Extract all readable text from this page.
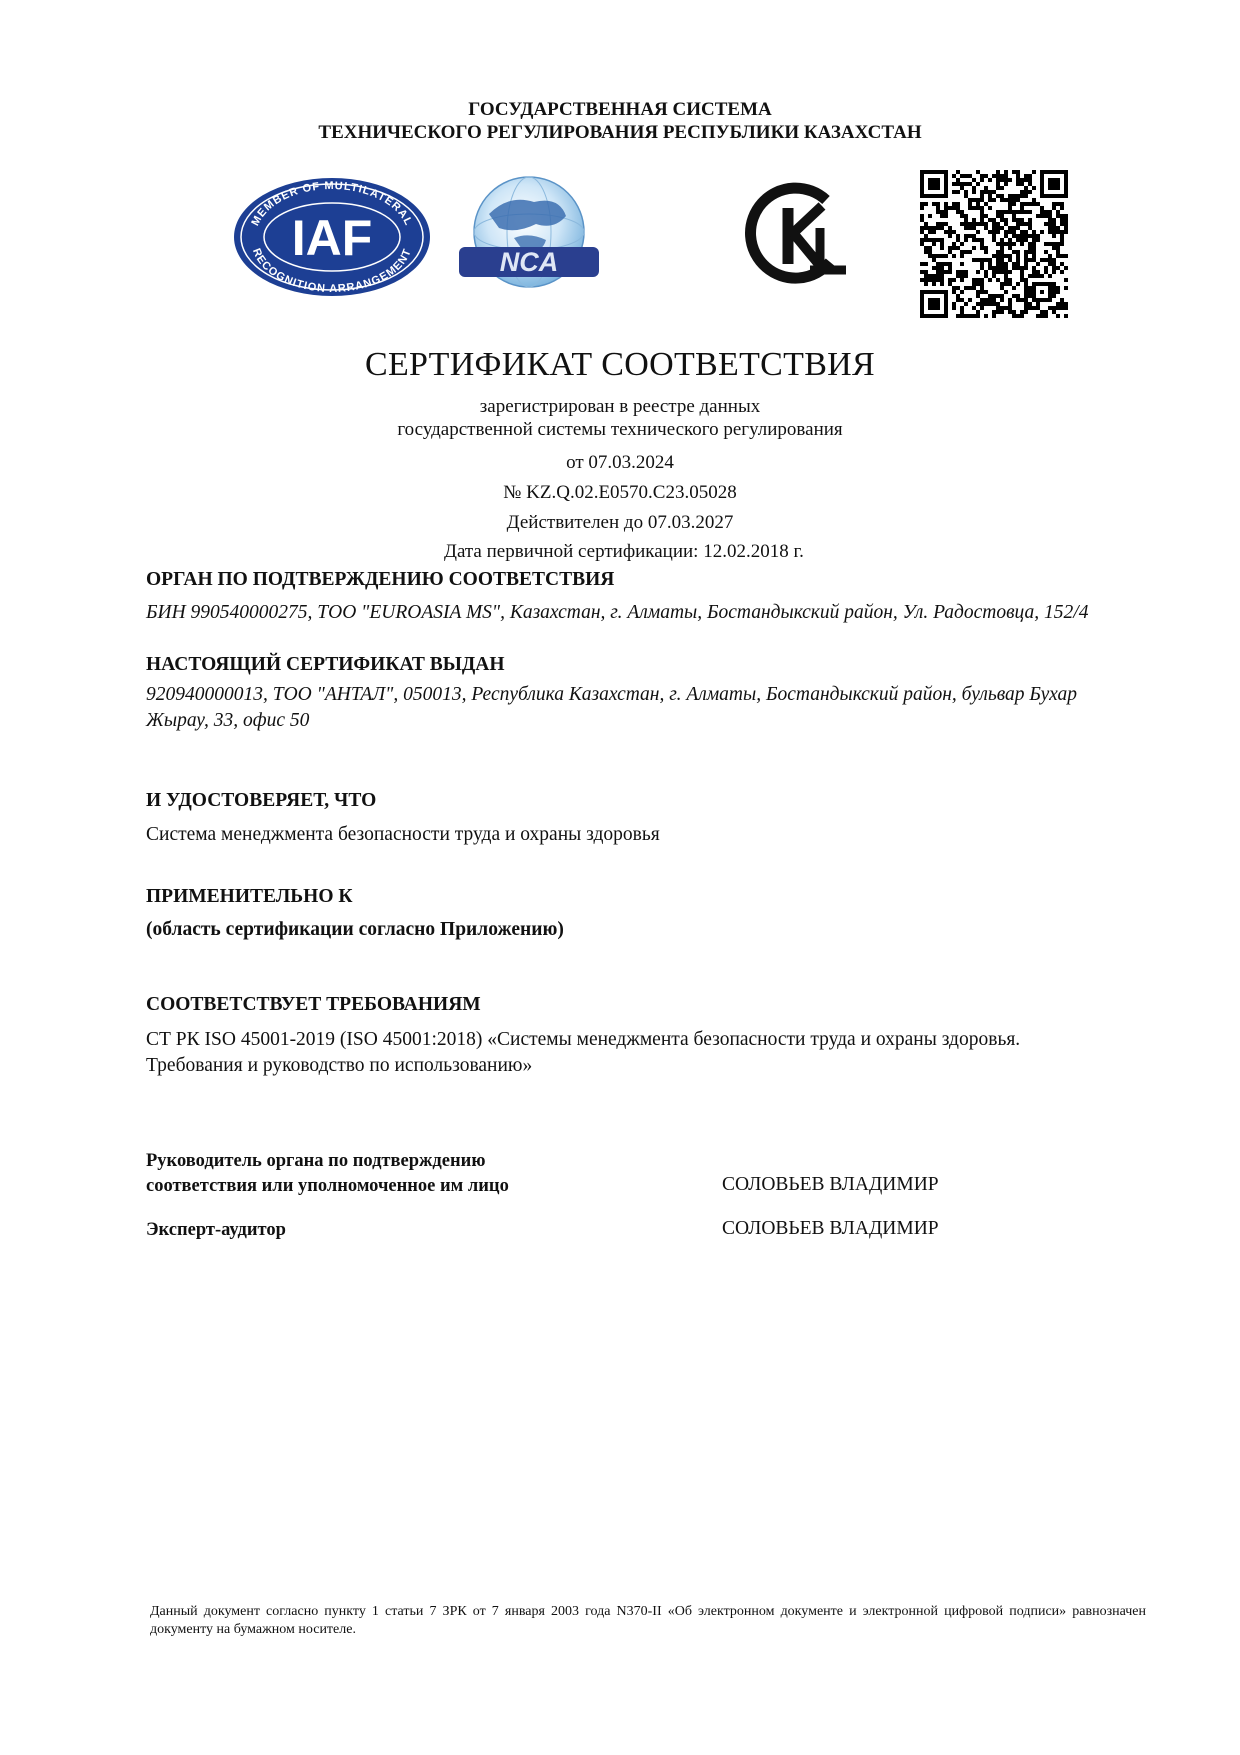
ГОСУДАРСТВЕННАЯ СИСТЕМА
ТЕХНИЧЕСКОГО РЕГУЛИРОВАНИЯ РЕСПУБЛИКИ КАЗАХСТАН
MEMBER OF MULTILATERAL
RECOGNITION ARRANGEMENT
IAF	NCA
СЕРТИФИКАТ СООТВЕТСТВИЯ
зарегистрирован в реестре данных
государственной системы технического регулирования
от 07.03.2024
№ KZ.Q.02.E0570.C23.05028
Действителен до 07.03.2027
Дата первичной сертификации: 12.02.2018 г.
ОРГАН ПО ПОДТВЕРЖДЕНИЮ СООТВЕТСТВИЯ
БИН 990540000275, ТОО "EUROASIA MS", Казахстан, г. Алматы, Бостандыкский район, Ул. Радостовца, 152/4
НАСТОЯЩИЙ СЕРТИФИКАТ ВЫДАН
920940000013, ТОО "АНТАЛ", 050013, Республика Казахстан, г. Алматы, Бостандыкский район, бульвар Бухар
Жырау, 33, офис 50
И УДОСТОВЕРЯЕТ, ЧТО
Система менеджмента безопасности труда и охраны здоровья
ПРИМЕНИТЕЛЬНО К
(область сертификации согласно Приложению)
СООТВЕТСТВУЕТ ТРЕБОВАНИЯМ
СТ РК ISO 45001-2019 (ISO 45001:2018) «Системы менеджмента безопасности труда и охраны здоровья.
Требования и руководство по использованию»
Руководитель органа по подтверждению
соответствия или уполномоченное им лицо	СОЛОВЬЕВ ВЛАДИМИР
Эксперт-аудитор	СОЛОВЬЕВ ВЛАДИМИР
Данный документ согласно пункту 1 статьи 7 ЗРК от 7 января 2003 года N370-II «Об электронном документе и электронной цифровой подписи» равнозначен документу на бумажном носителе.
